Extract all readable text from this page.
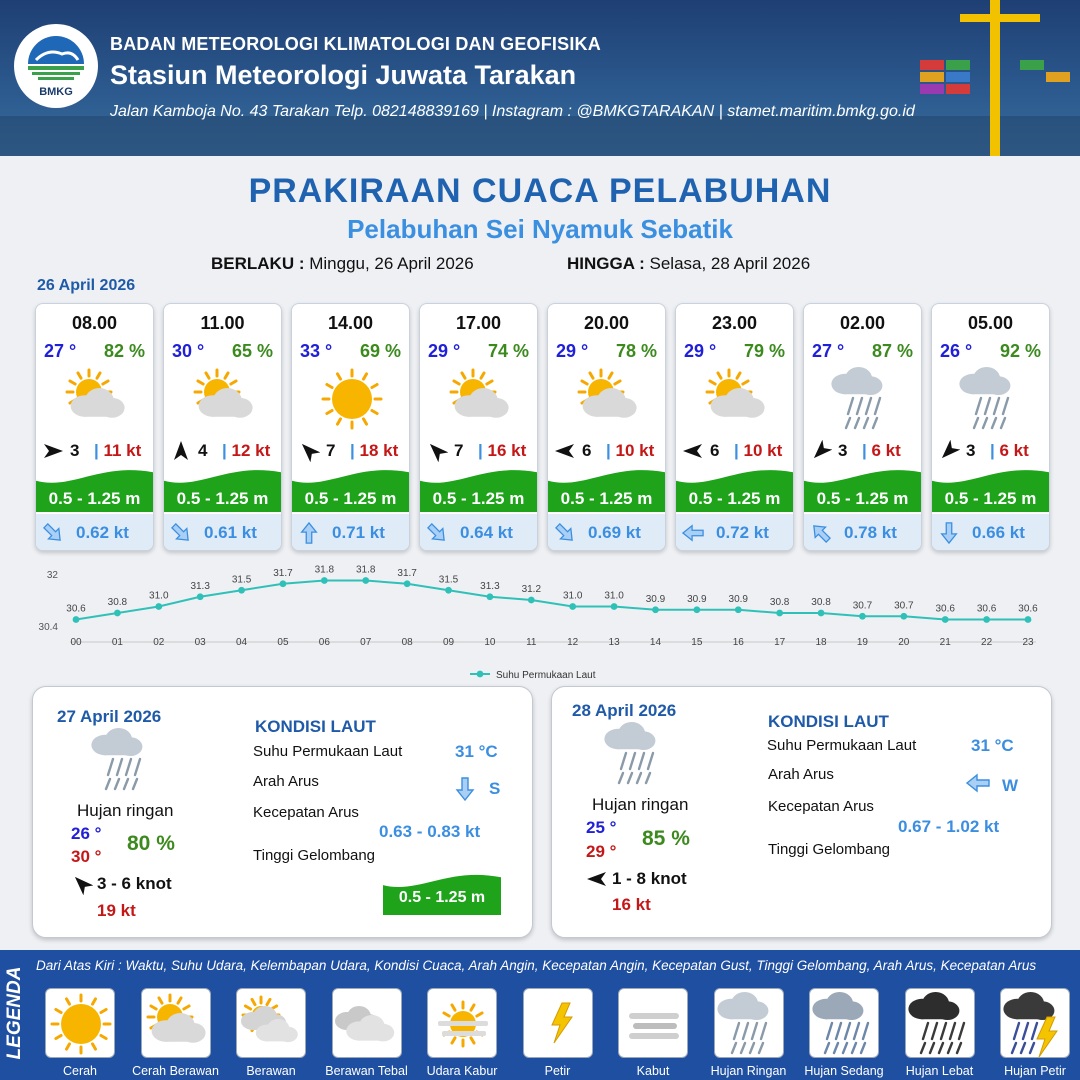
BMKG
BADAN METEOROLOGI KLIMATOLOGI DAN GEOFISIKA
Stasiun Meteorologi Juwata Tarakan
Jalan Kamboja No. 43 Tarakan Telp. 082148839169 | Instagram : @BMKGTARAKAN | stamet.maritim.bmkg.go.id
PRAKIRAAN CUACA PELABUHAN
Pelabuhan Sei Nyamuk Sebatik
BERLAKU : Minggu, 26 April 2026	HINGGA : Selasa, 28 April 2026
26 April 2026
08.00
27 ° 82 %
3 | 11 kt
0.5 - 1.25 m
0.62 kt
11.00
30 ° 65 %
4 | 12 kt
0.5 - 1.25 m
0.61 kt
14.00
33 ° 69 %
7 | 18 kt
0.5 - 1.25 m
0.71 kt
17.00
29 ° 74 %
7 | 16 kt
0.5 - 1.25 m
0.64 kt
20.00
29 ° 78 %
6 | 10 kt
0.5 - 1.25 m
0.69 kt
23.00
29 ° 79 %
6 | 10 kt
0.5 - 1.25 m
0.72 kt
02.00
27 ° 87 %
3 | 6 kt
0.5 - 1.25 m
0.78 kt
05.00
26 ° 92 %
3 | 6 kt
0.5 - 1.25 m
0.66 kt
32
30.4
30.6
00
30.8
01
31.0
02
31.3
03
31.5
04
31.7
05
31.8
06
31.8
07
31.7
08
31.5
09
31.3
10
31.2
11
31.0
12
31.0
13
30.9
14
30.9
15
30.9
16
30.8
17
30.8
18
30.7
19
30.7
20
30.6
21
30.6
22
30.6
23
Suhu Permukaan Laut
27 April 2026
Hujan ringan
26 °
30 °
80 %
3 - 6 knot
19 kt
KONDISI LAUT
Suhu Permukaan Laut	31 °C
Arah Arus	S
Kecepatan Arus
0.63 - 0.83 kt
Tinggi Gelombang
0.5 - 1.25 m
28 April 2026
Hujan ringan
25 °
29 °
85 %
1 - 8 knot
16 kt
KONDISI LAUT
Suhu Permukaan Laut	31 °C
Arah Arus
W
Kecepatan Arus
0.67 - 1.02 kt
Tinggi Gelombang
LEGENDA
Dari Atas Kiri : Waktu, Suhu Udara, Kelembapan Udara, Kondisi Cuaca, Arah Angin, Kecepatan Angin, Kecepatan Gust, Tinggi Gelombang, Arah Arus, Kecepatan Arus
Cerah	Cerah Berawan	Berawan	Berawan Tebal	Udara Kabur	Petir	Kabut	Hujan Ringan	Hujan Sedang	Hujan Lebat	Hujan Petir
